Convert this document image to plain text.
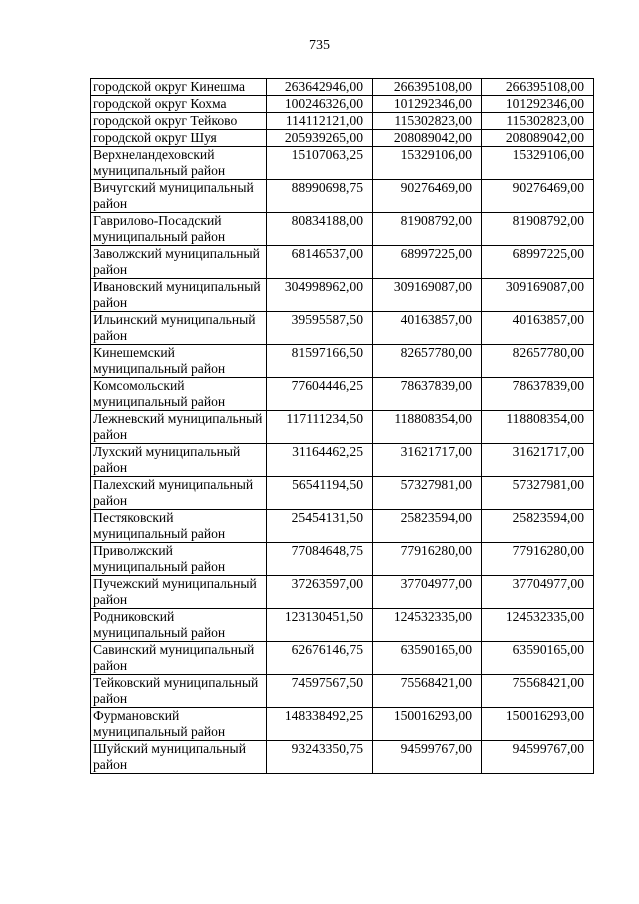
735
городской округ Кинешма	263642946,00	266395108,00	266395108,00
городской округ Кохма	100246326,00	101292346,00	101292346,00
городской округ Тейково	114112121,00	115302823,00	115302823,00
городской округ Шуя	205939265,00	208089042,00	208089042,00
Верхнеландеховский муниципальный район	15107063,25	15329106,00	15329106,00
Вичугский муниципальный район	88990698,75	90276469,00	90276469,00
Гаврилово-Посадский муниципальный район	80834188,00	81908792,00	81908792,00
Заволжский муниципальный район	68146537,00	68997225,00	68997225,00
Ивановский муниципальный район	304998962,00	309169087,00	309169087,00
Ильинский муниципальный район	39595587,50	40163857,00	40163857,00
Кинешемский муниципальный район	81597166,50	82657780,00	82657780,00
Комсомольский муниципальный район	77604446,25	78637839,00	78637839,00
Лежневский муниципальный район	117111234,50	118808354,00	118808354,00
Лухский муниципальный район	31164462,25	31621717,00	31621717,00
Палехский муниципальный район	56541194,50	57327981,00	57327981,00
Пестяковский муниципальный район	25454131,50	25823594,00	25823594,00
Приволжский муниципальный район	77084648,75	77916280,00	77916280,00
Пучежский муниципальный район	37263597,00	37704977,00	37704977,00
Родниковский муниципальный район	123130451,50	124532335,00	124532335,00
Савинский муниципальный район	62676146,75	63590165,00	63590165,00
Тейковский муниципальный район	74597567,50	75568421,00	75568421,00
Фурмановский муниципальный район	148338492,25	150016293,00	150016293,00
Шуйский муниципальный район	93243350,75	94599767,00	94599767,00
